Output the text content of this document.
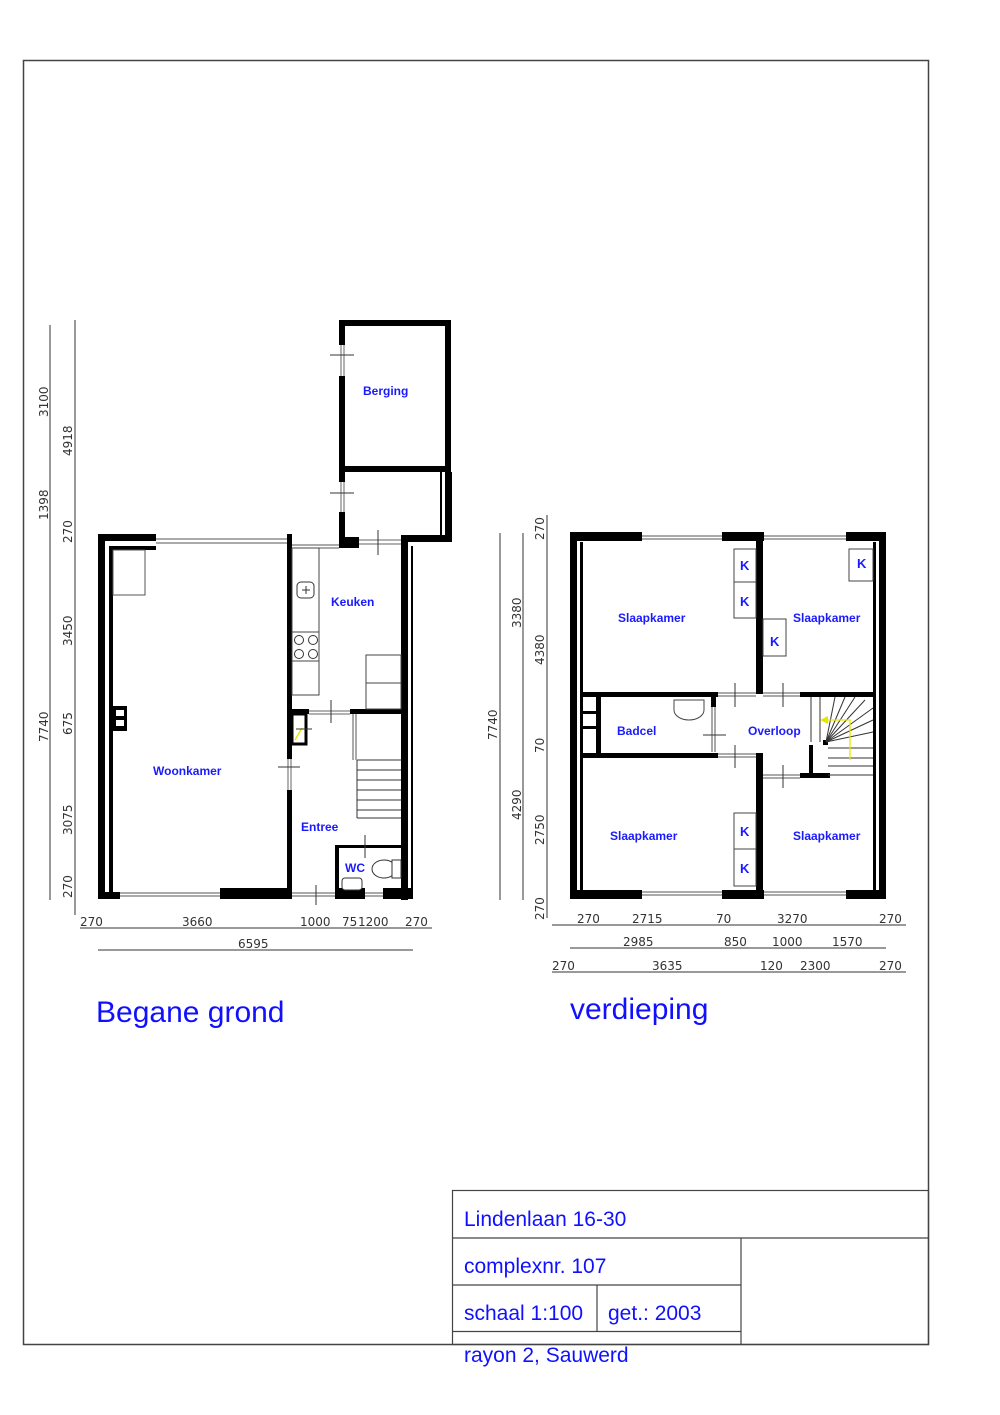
Berging
Keuken
Woonkamer
Entree
WC
3100
1398
7740
4918
270
3450
675
3075
270
270	3660	1000 75 1200 270
6595
Begane grond
K
K
K
K
K
K
Slaapkamer	Slaapkamer
Badcel	Overloop
Slaapkamer	Slaapkamer
7740
3380
4290
270
4380
70
2750
270	270	2715	70	3270	270
2985	850 1000 1570
270	3635	120 2300	270
verdieping
Lindenlaan 16-30
complexnr. 107
schaal 1:100 get.: 2003
rayon 2, Sauwerd
